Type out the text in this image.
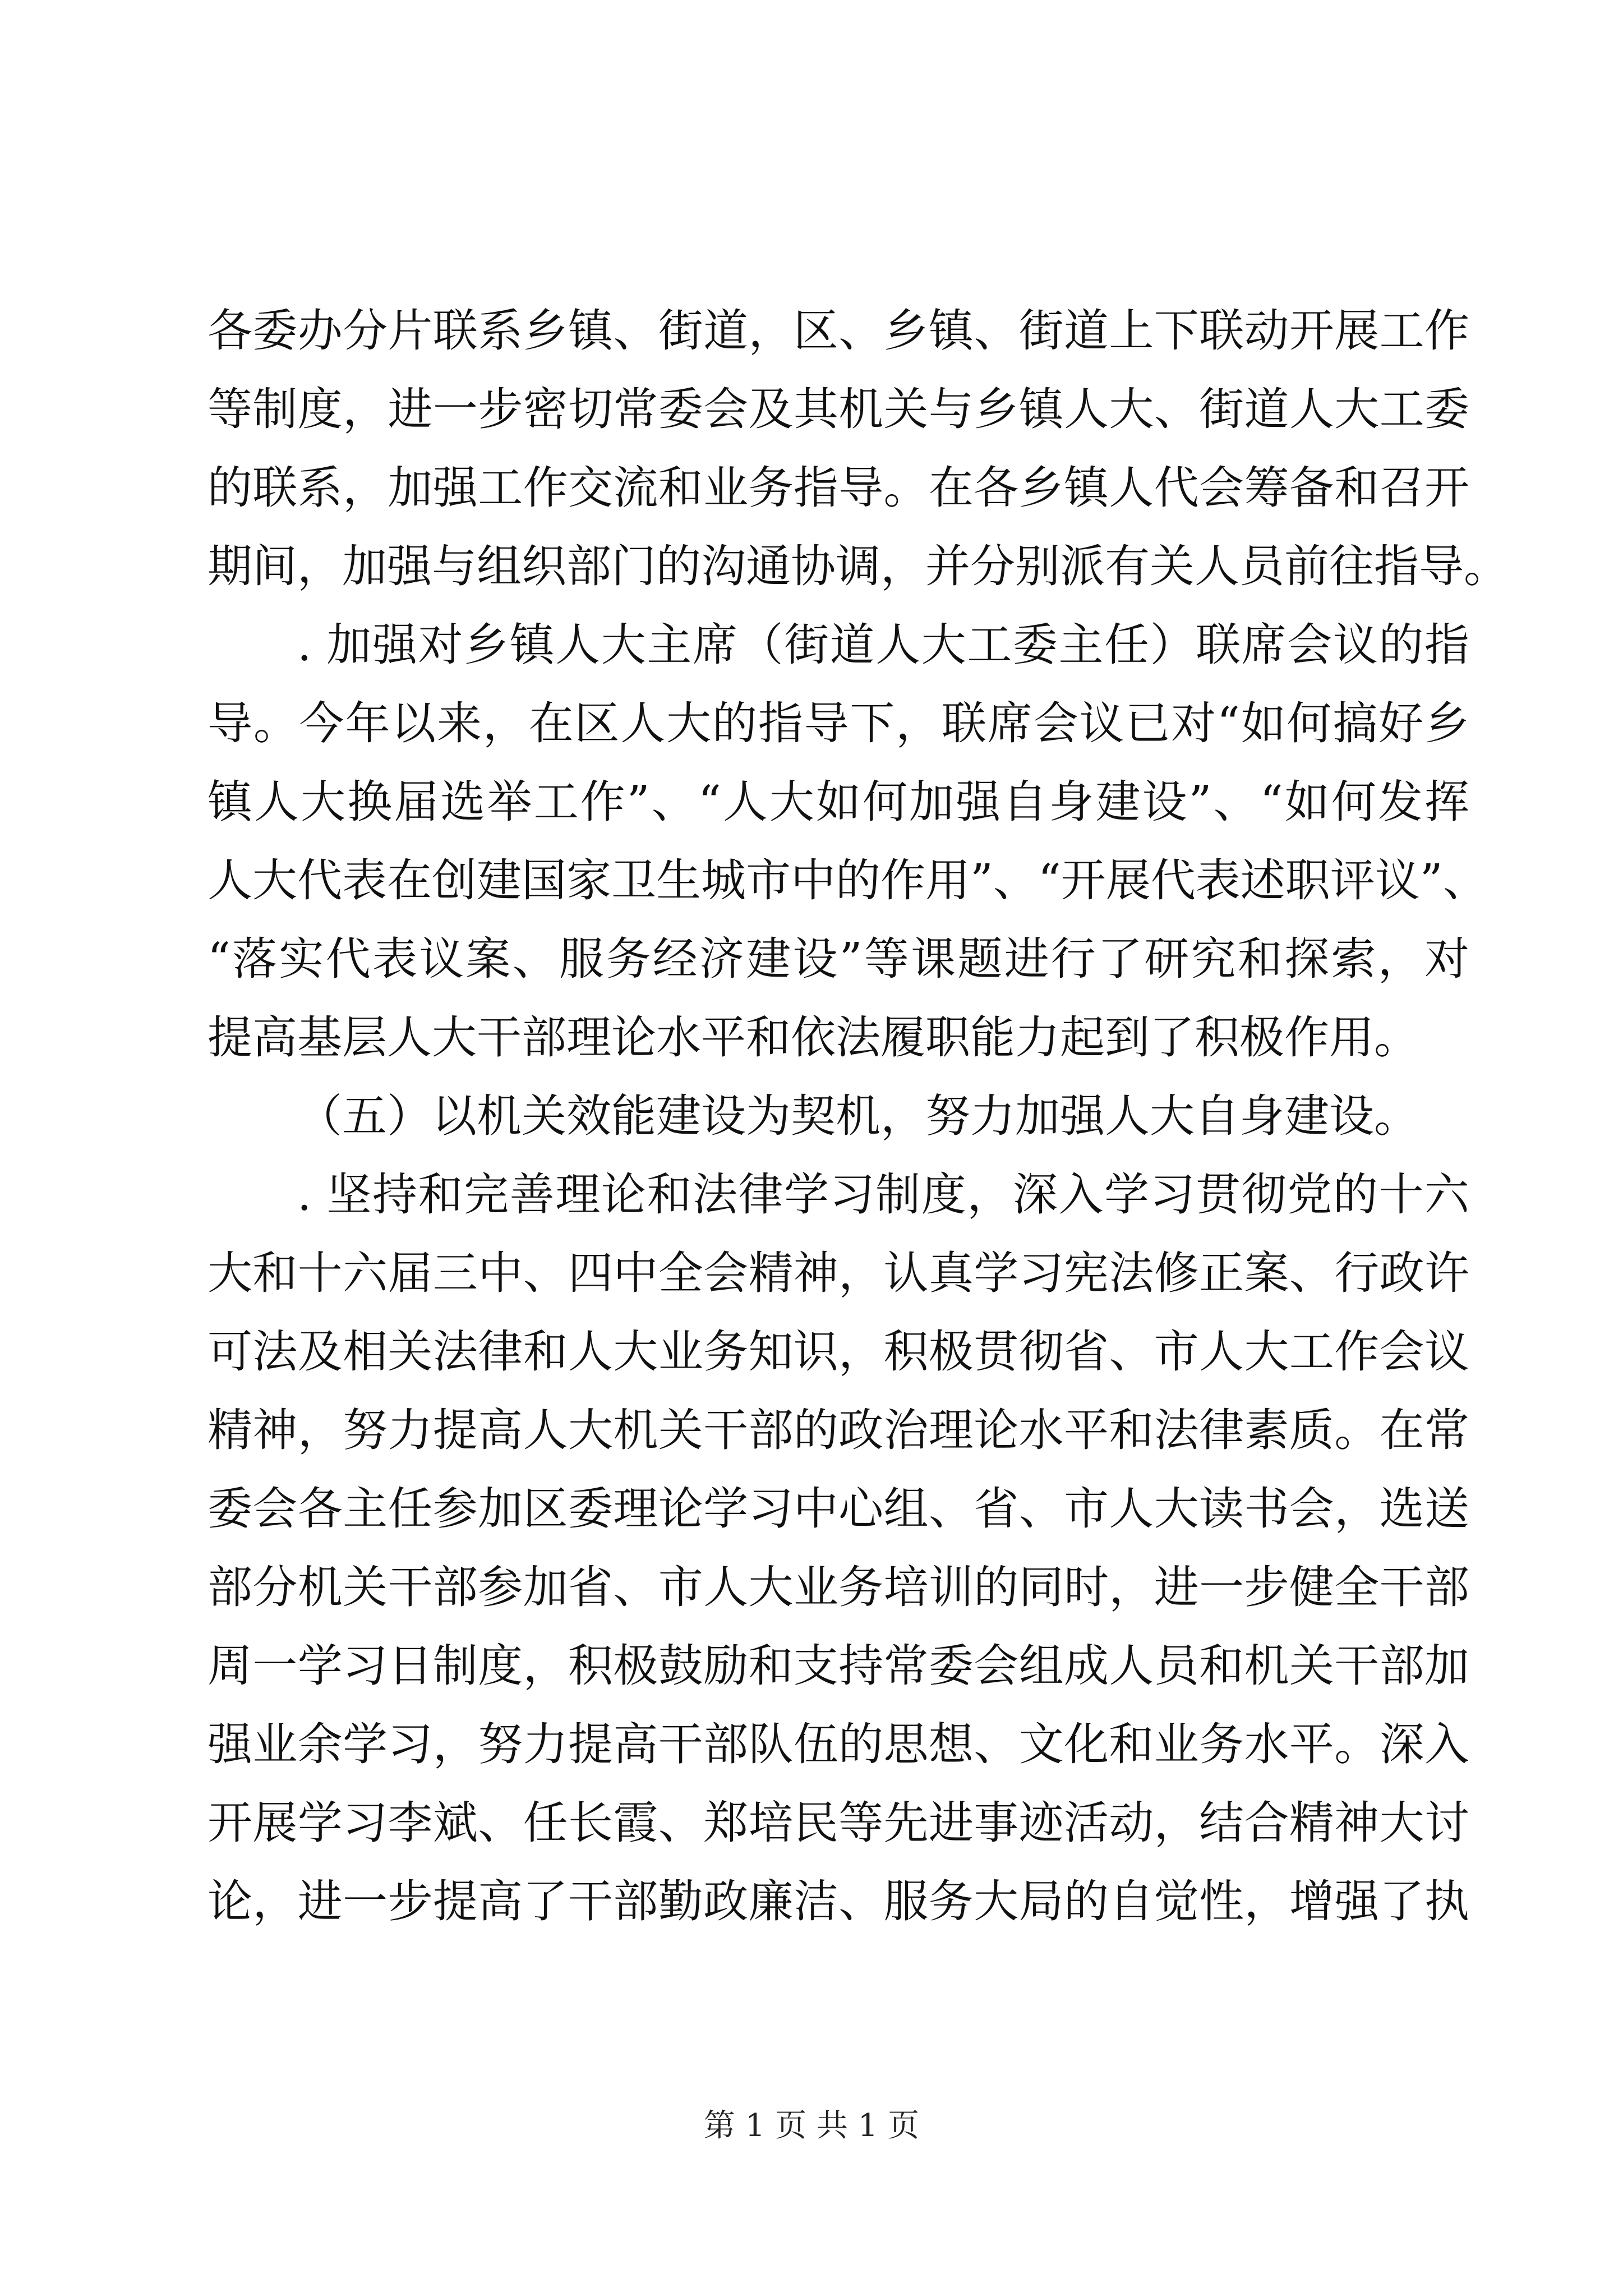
各委办分片联系乡镇、街道，区、乡镇、街道上下联动开展工作
等制度，进一步密切常委会及其机关与乡镇人大、街道人大工委
的联系，加强工作交流和业务指导。在各乡镇人代会筹备和召开
期间，加强与组织部门的沟通协调，并分别派有关人员前往指导。
. 加强对乡镇人大主席（街道人大工委主任）联席会议的指
导。今年以来，在区人大的指导下，联席会议已对“如何搞好乡
镇人大换届选举工作”、“人大如何加强自身建设”、“如何发挥
人大代表在创建国家卫生城市中的作用”、“开展代表述职评议”、
“落实代表议案、服务经济建设”等课题进行了研究和探索，对
提高基层人大干部理论水平和依法履职能力起到了积极作用。
（五）以机关效能建设为契机，努力加强人大自身建设。
. 坚持和完善理论和法律学习制度，深入学习贯彻党的十六
大和十六届三中、四中全会精神，认真学习宪法修正案、行政许
可法及相关法律和人大业务知识，积极贯彻省、市人大工作会议
精神，努力提高人大机关干部的政治理论水平和法律素质。在常
委会各主任参加区委理论学习中心组、省、市人大读书会，选送
部分机关干部参加省、市人大业务培训的同时，进一步健全干部
周一学习日制度，积极鼓励和支持常委会组成人员和机关干部加
强业余学习，努力提高干部队伍的思想、文化和业务水平。深入
开展学习李斌、任长霞、郑培民等先进事迹活动，结合精神大讨
论，进一步提高了干部勤政廉洁、服务大局的自觉性，增强了执
第 1 页 共 1 页
